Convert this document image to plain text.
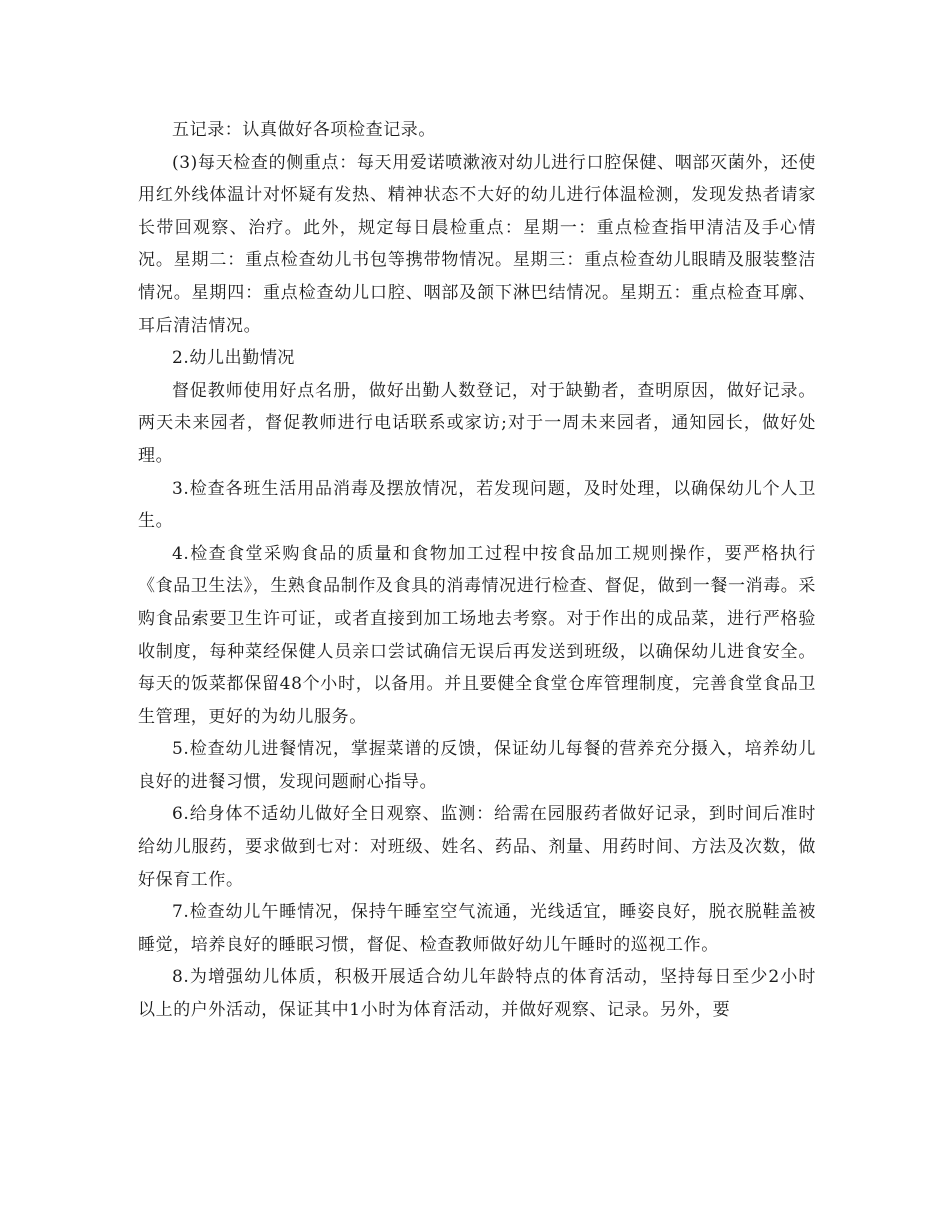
五记录：认真做好各项检查记录。

(3)每天检查的侧重点：每天用爱诺喷漱液对幼儿进行口腔保健、咽部灭菌外，还使用红外线体温计对怀疑有发热、精神状态不大好的幼儿进行体温检测，发现发热者请家长带回观察、治疗。此外，规定每日晨检重点：星期一：重点检查指甲清洁及手心情况。星期二：重点检查幼儿书包等携带物情况。星期三：重点检查幼儿眼睛及服装整洁情况。星期四：重点检查幼儿口腔、咽部及颌下淋巴结情况。星期五：重点检查耳廓、耳后清洁情况。

2.幼儿出勤情况

督促教师使用好点名册，做好出勤人数登记，对于缺勤者，查明原因，做好记录。两天未来园者，督促教师进行电话联系或家访;对于一周未来园者，通知园长，做好处理。

3.检查各班生活用品消毒及摆放情况，若发现问题，及时处理，以确保幼儿个人卫生。

4.检查食堂采购食品的质量和食物加工过程中按食品加工规则操作，要严格执行《食品卫生法》，生熟食品制作及食具的消毒情况进行检查、督促，做到一餐一消毒。采购食品索要卫生许可证，或者直接到加工场地去考察。对于作出的成品菜，进行严格验收制度，每种菜经保健人员亲口尝试确信无误后再发送到班级，以确保幼儿进食安全。每天的饭菜都保留48个小时，以备用。并且要健全食堂仓库管理制度，完善食堂食品卫生管理，更好的为幼儿服务。

5.检查幼儿进餐情况，掌握菜谱的反馈，保证幼儿每餐的营养充分摄入，培养幼儿良好的进餐习惯，发现问题耐心指导。

6.给身体不适幼儿做好全日观察、监测：给需在园服药者做好记录，到时间后准时给幼儿服药，要求做到七对：对班级、姓名、药品、剂量、用药时间、方法及次数，做好保育工作。

7.检查幼儿午睡情况，保持午睡室空气流通，光线适宜，睡姿良好，脱衣脱鞋盖被睡觉，培养良好的睡眠习惯，督促、检查教师做好幼儿午睡时的巡视工作。

8.为增强幼儿体质，积极开展适合幼儿年龄特点的体育活动，坚持每日至少2小时以上的户外活动，保证其中1小时为体育活动，并做好观察、记录。另外，要
